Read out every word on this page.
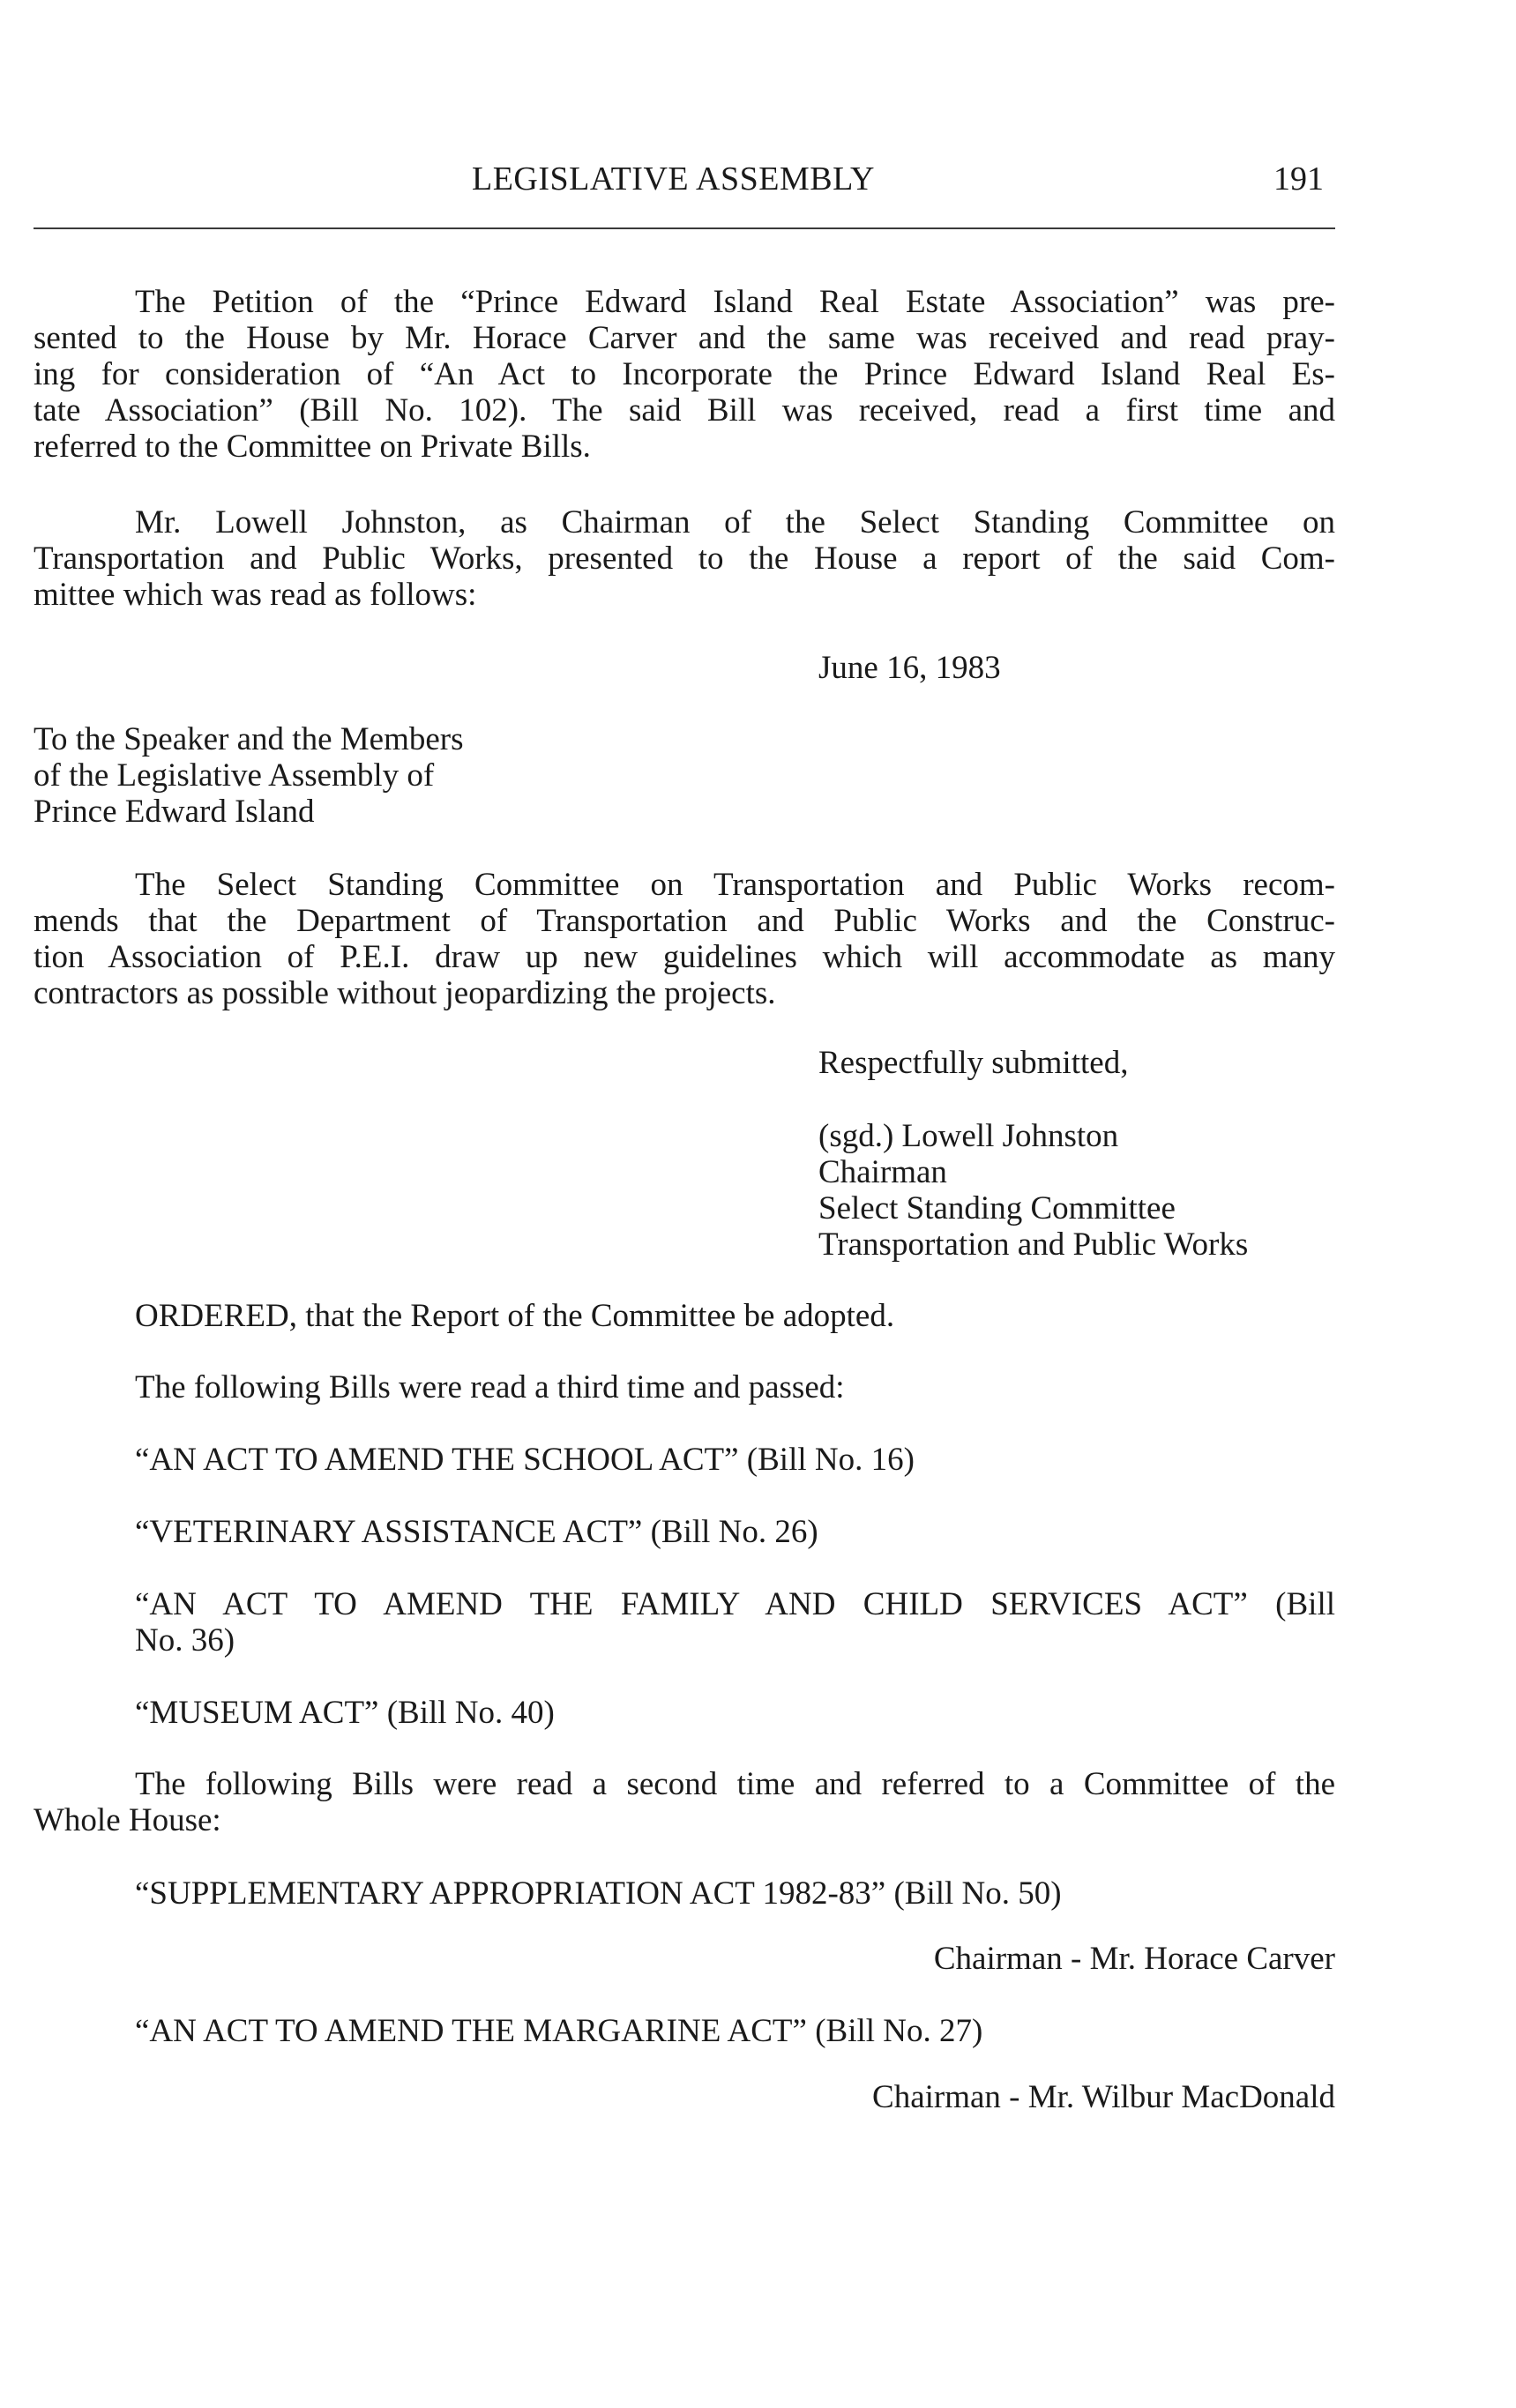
LEGISLATIVE ASSEMBLY	191
The Petition of the “Prince Edward Island Real Estate Association” was pre-
sented to the House by Mr. Horace Carver and the same was received and read pray-
ing for consideration of “An Act to Incorporate the Prince Edward Island Real Es-
tate Association” (Bill No. 102). The said Bill was received, read a first time and
referred to the Committee on Private Bills.
Mr. Lowell Johnston, as Chairman of the Select Standing Committee on
Transportation and Public Works, presented to the House a report of the said Com-
mittee which was read as follows:
June 16, 1983
To the Speaker and the Members
of the Legislative Assembly of
Prince Edward Island
The Select Standing Committee on Transportation and Public Works recom-
mends that the Department of Transportation and Public Works and the Construc-
tion Association of P.E.I. draw up new guidelines which will accommodate as many
contractors as possible without jeopardizing the projects.
Respectfully submitted,
(sgd.) Lowell Johnston
Chairman
Select Standing Committee
Transportation and Public Works
ORDERED, that the Report of the Committee be adopted.
The following Bills were read a third time and passed:
“AN ACT TO AMEND THE SCHOOL ACT” (Bill No. 16)
“VETERINARY ASSISTANCE ACT” (Bill No. 26)
“AN ACT TO AMEND THE FAMILY AND CHILD SERVICES ACT” (Bill
No. 36)
“MUSEUM ACT” (Bill No. 40)
The following Bills were read a second time and referred to a Committee of the
Whole House:
“SUPPLEMENTARY APPROPRIATION ACT 1982-83” (Bill No. 50)
Chairman - Mr. Horace Carver
“AN ACT TO AMEND THE MARGARINE ACT” (Bill No. 27)
Chairman - Mr. Wilbur MacDonald
